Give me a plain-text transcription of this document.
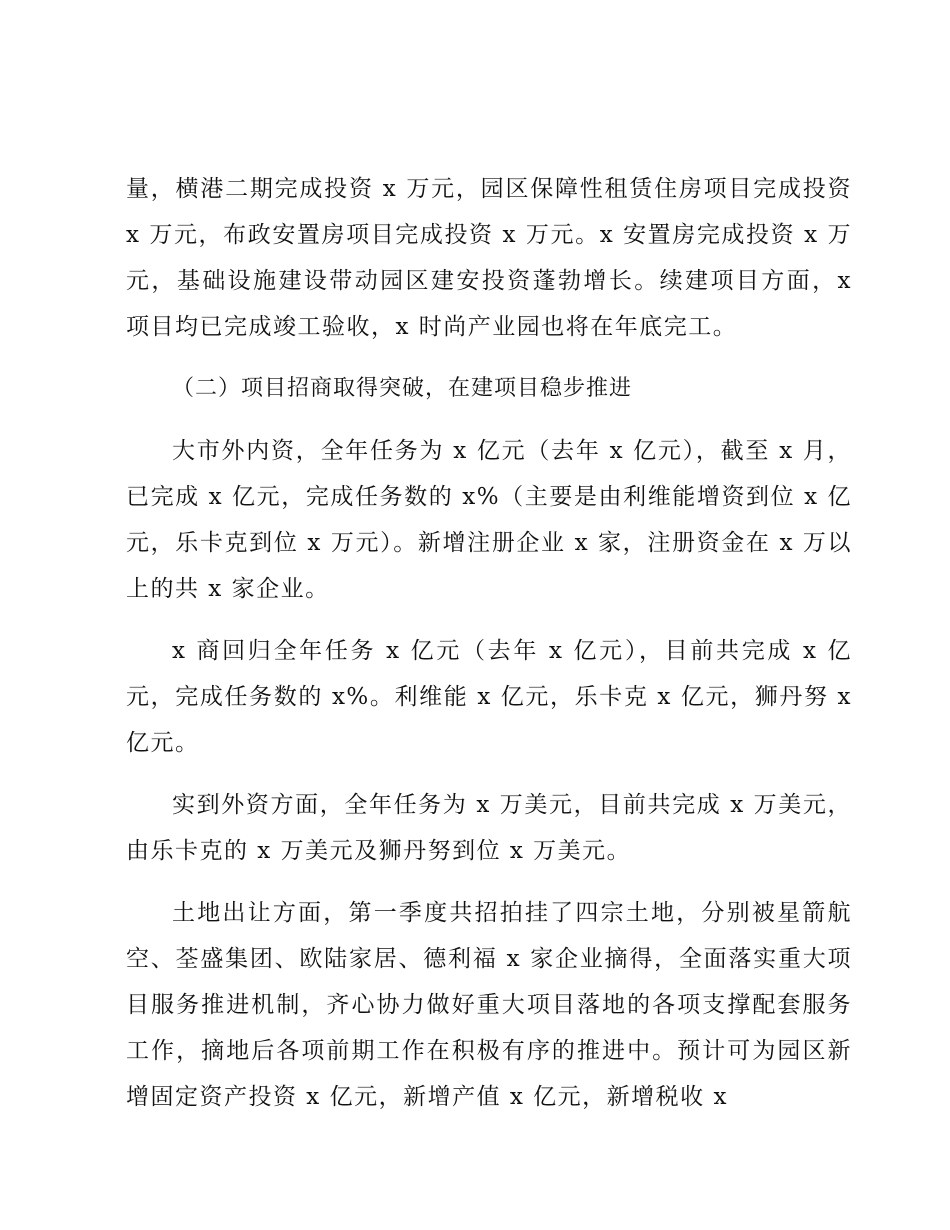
量，横港二期完成投资 x 万元，园区保障性租赁住房项目完成投资 x 万元，布政安置房项目完成投资 x 万元。x 安置房完成投资 x 万元，基础设施建设带动园区建安投资蓬勃增长。续建项目方面，x 项目均已完成竣工验收，x 时尚产业园也将在年底完工。

（二）项目招商取得突破，在建项目稳步推进

大市外内资，全年任务为 x 亿元（去年 x 亿元），截至 x 月，已完成 x 亿元，完成任务数的 x%（主要是由利维能增资到位 x 亿元，乐卡克到位 x 万元）。新增注册企业 x 家，注册资金在 x 万以上的共 x 家企业。

x 商回归全年任务 x 亿元（去年 x 亿元），目前共完成 x 亿元，完成任务数的 x%。利维能 x 亿元，乐卡克 x 亿元，狮丹努 x 亿元。

实到外资方面，全年任务为 x 万美元，目前共完成 x 万美元，由乐卡克的 x 万美元及狮丹努到位 x 万美元。

土地出让方面，第一季度共招拍挂了四宗土地，分别被星箭航空、荃盛集团、欧陆家居、德利福 x 家企业摘得，全面落实重大项目服务推进机制，齐心协力做好重大项目落地的各项支撑配套服务工作，摘地后各项前期工作在积极有序的推进中。预计可为园区新增固定资产投资 x 亿元，新增产值 x 亿元，新增税收 x
